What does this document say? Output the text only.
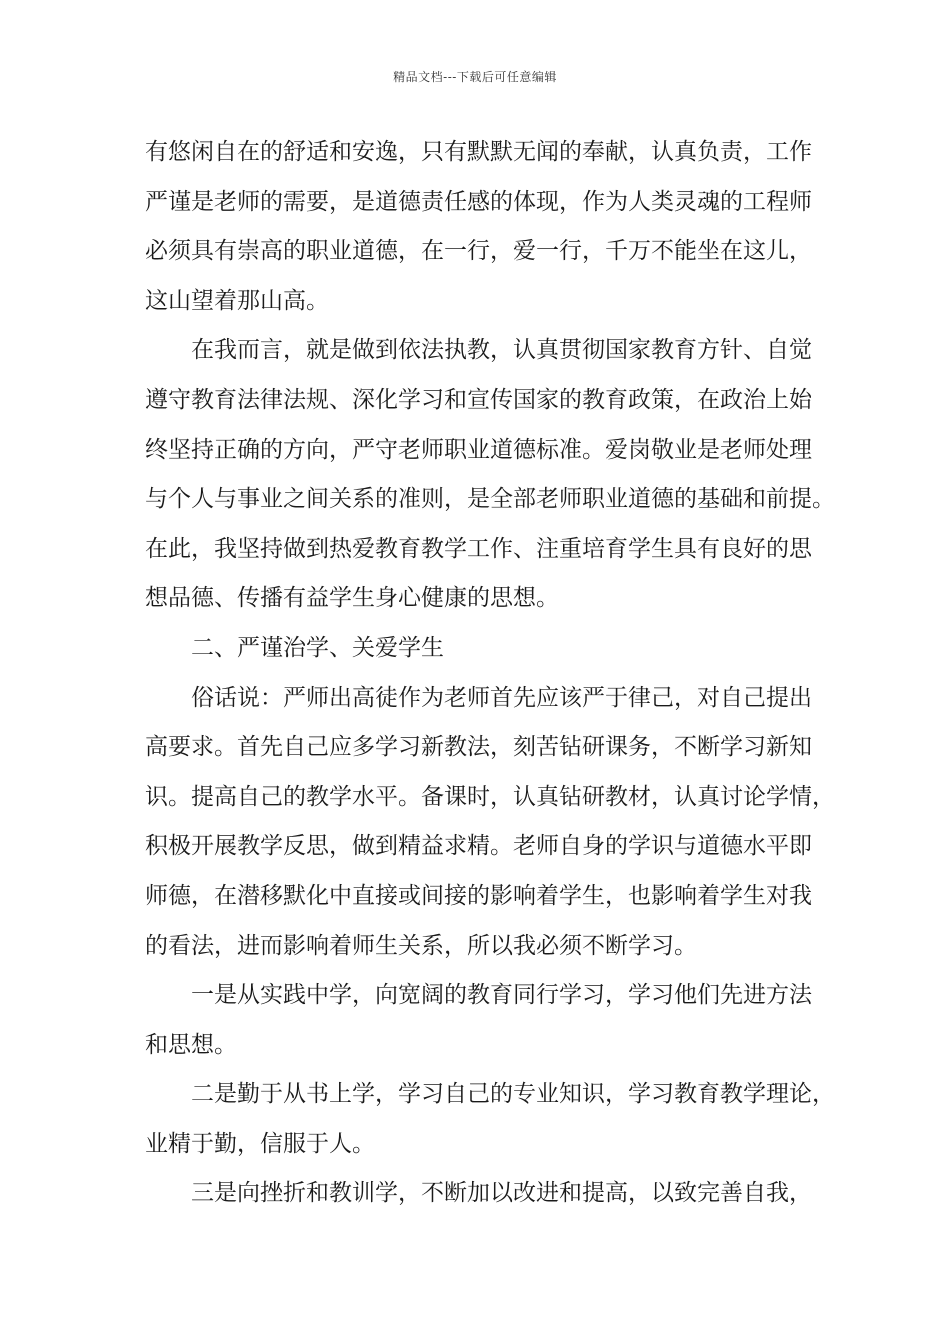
精品文档---下载后可任意编辑
有悠闲自在的舒适和安逸，只有默默无闻的奉献，认真负责，工作
严谨是老师的需要，是道德责任感的体现，作为人类灵魂的工程师
必须具有崇高的职业道德，在一行，爱一行，千万不能坐在这儿，
这山望着那山高。
在我而言，就是做到依法执教，认真贯彻国家教育方针、自觉
遵守教育法律法规、深化学习和宣传国家的教育政策，在政治上始
终坚持正确的方向，严守老师职业道德标准。爱岗敬业是老师处理
与个人与事业之间关系的准则，是全部老师职业道德的基础和前提。
在此，我坚持做到热爱教育教学工作、注重培育学生具有良好的思
想品德、传播有益学生身心健康的思想。
二、严谨治学、关爱学生
俗话说：严师出高徒作为老师首先应该严于律己，对自己提出
高要求。首先自己应多学习新教法，刻苦钻研课务，不断学习新知
识。提高自己的教学水平。备课时，认真钻研教材，认真讨论学情，
积极开展教学反思，做到精益求精。老师自身的学识与道德水平即
师德，在潜移默化中直接或间接的影响着学生，也影响着学生对我
的看法，进而影响着师生关系，所以我必须不断学习。
一是从实践中学，向宽阔的教育同行学习，学习他们先进方法
和思想。
二是勤于从书上学，学习自己的专业知识，学习教育教学理论，
业精于勤，信服于人。
三是向挫折和教训学，不断加以改进和提高，以致完善自我，
